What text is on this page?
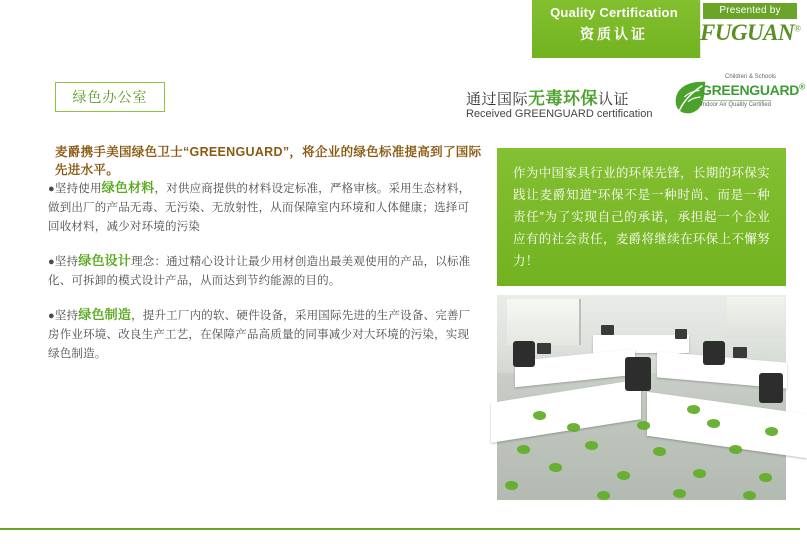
Quality Certification
资质认证
Presented by
FUGUAN®
绿色办公室	通过国际无毒环保认证
Received GREENGUARD certification
Children & Schools
GREENGUARD®
Indoor Air Quality Certified
麦爵携手美国绿色卫士“GREENGUARD”，将企业的绿色标准提高到了国际先进水平。
●坚持使用绿色材料，对供应商提供的材料设定标准，严格审核。采用生态材料，做到出厂的产品无毒、无污染、无放射性，从而保障室内环境和人体健康；选择可回收材料，减少对环境的污染
●坚持绿色设计理念：通过精心设计让最少用材创造出最美观使用的产品，以标准化、可拆卸的模式设计产品，从而达到节约能源的目的。
●坚持绿色制造，提升工厂内的软、硬件设备，采用国际先进的生产设备、完善厂房作业环境、改良生产工艺，在保障产品高质量的同事减少对大环境的污染，实现绿色制造。

作为中国家具行业的环保先锋，长期的环保实践让麦爵知道“环保不是一种时尚、而是一种责任”为了实现自己的承诺，承担起一个企业应有的社会责任，麦爵将继续在环保上不懈努力！
